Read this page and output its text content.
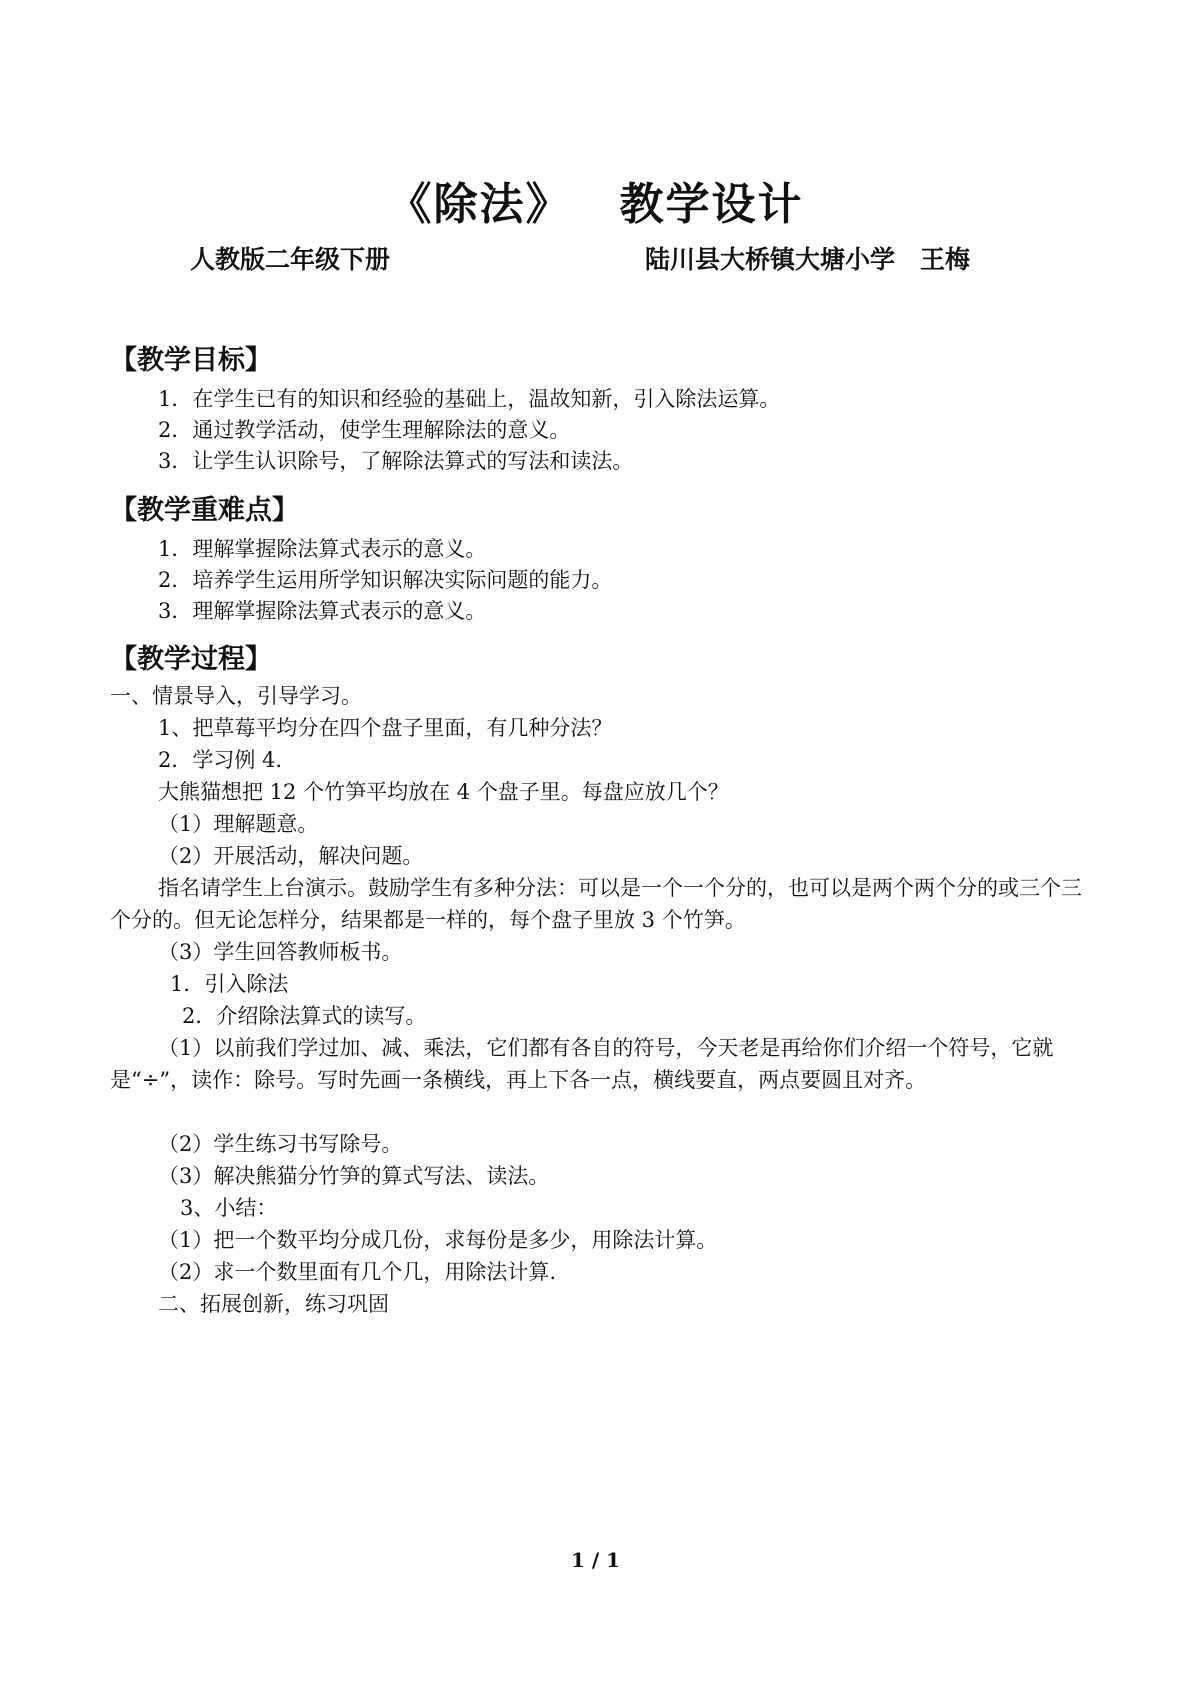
《除法》 教学设计
人教版二年级下册	陆川县大桥镇大塘小学　王梅
【教学目标】
1．在学生已有的知识和经验的基础上，温故知新，引入除法运算。
2．通过教学活动，使学生理解除法的意义。
3．让学生认识除号，了解除法算式的写法和读法。
【教学重难点】
1．理解掌握除法算式表示的意义。
2．培养学生运用所学知识解决实际问题的能力。
3．理解掌握除法算式表示的意义。
【教学过程】
一、情景导入，引导学习。
1、把草莓平均分在四个盘子里面，有几种分法？
2．学习例 4.
大熊猫想把 12 个竹笋平均放在 4 个盘子里。每盘应放几个？
（1）理解题意。
（2）开展活动，解决问题。
指名请学生上台演示。鼓励学生有多种分法：可以是一个一个分的，也可以是两个两个分的或三个三个分的。但无论怎样分，结果都是一样的，每个盘子里放 3 个竹笋。
（3）学生回答教师板书。
1．引入除法
2．介绍除法算式的读写。
（1）以前我们学过加、减、乘法，它们都有各自的符号，今天老是再给你们介绍一个符号，它就是“÷”，读作：除号。写时先画一条横线，再上下各一点，横线要直，两点要圆且对齐。
（2）学生练习书写除号。
（3）解决熊猫分竹笋的算式写法、读法。
3、小结：
（1）把一个数平均分成几份，求每份是多少，用除法计算。
（2）求一个数里面有几个几，用除法计算.
二、拓展创新，练习巩固
1 / 1
